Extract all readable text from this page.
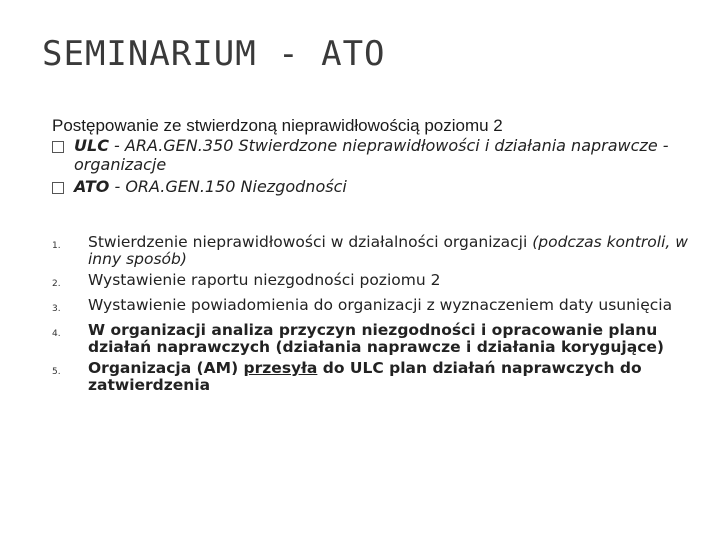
SEMINARIUM - ATO
Postępowanie ze stwierdzoną nieprawidłowością poziomu 2
ULC - ARA.GEN.350 Stwierdzone nieprawidłowości i działania naprawcze - organizacje
ATO - ORA.GEN.150 Niezgodności
1.	Stwierdzenie nieprawidłowości w działalności organizacji (podczas kontroli, w inny sposób)
2.	Wystawienie raportu niezgodności poziomu 2
3.	Wystawienie powiadomienia do organizacji z wyznaczeniem daty usunięcia
4.	W organizacji analiza przyczyn niezgodności i opracowanie planu działań naprawczych (działania naprawcze i działania korygujące)
5.	Organizacja (AM) przesyła do ULC plan działań naprawczych do zatwierdzenia
